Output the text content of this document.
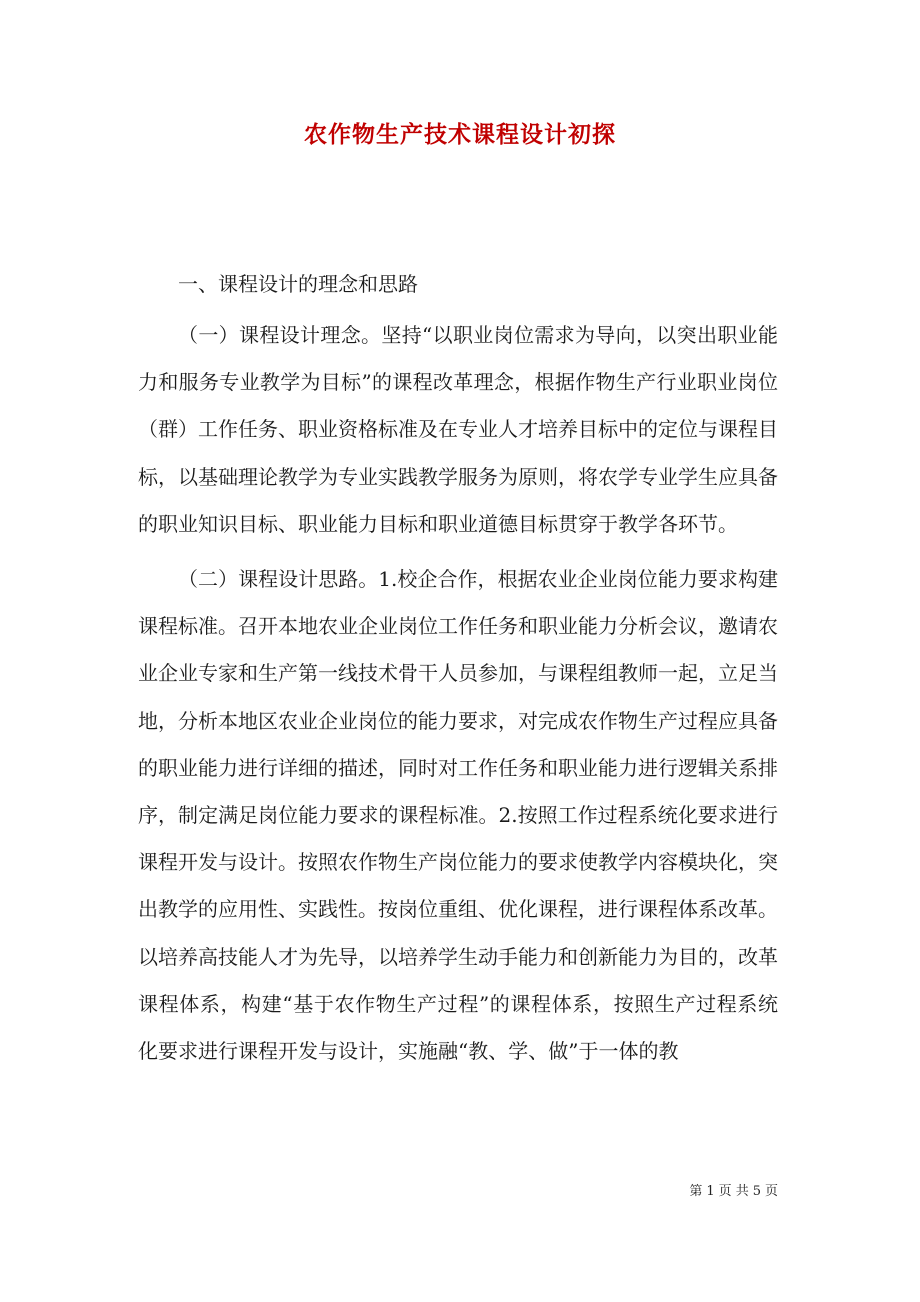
农作物生产技术课程设计初探
一、课程设计的理念和思路

（一）课程设计理念。坚持“以职业岗位需求为导向，以突出职业能力和服务专业教学为目标”的课程改革理念，根据作物生产行业职业岗位（群）工作任务、职业资格标准及在专业人才培养目标中的定位与课程目标，以基础理论教学为专业实践教学服务为原则，将农学专业学生应具备的职业知识目标、职业能力目标和职业道德目标贯穿于教学各环节。

（二）课程设计思路。1.校企合作，根据农业企业岗位能力要求构建课程标准。召开本地农业企业岗位工作任务和职业能力分析会议，邀请农业企业专家和生产第一线技术骨干人员参加，与课程组教师一起，立足当地，分析本地区农业企业岗位的能力要求，对完成农作物生产过程应具备的职业能力进行详细的描述，同时对工作任务和职业能力进行逻辑关系排序，制定满足岗位能力要求的课程标准。2.按照工作过程系统化要求进行课程开发与设计。按照农作物生产岗位能力的要求使教学内容模块化，突出教学的应用性、实践性。按岗位重组、优化课程，进行课程体系改革。以培养高技能人才为先导，以培养学生动手能力和创新能力为目的，改革课程体系，构建“基于农作物生产过程”的课程体系，按照生产过程系统化要求进行课程开发与设计，实施融“教、学、做”于一体的教

第 1 页 共 5 页
